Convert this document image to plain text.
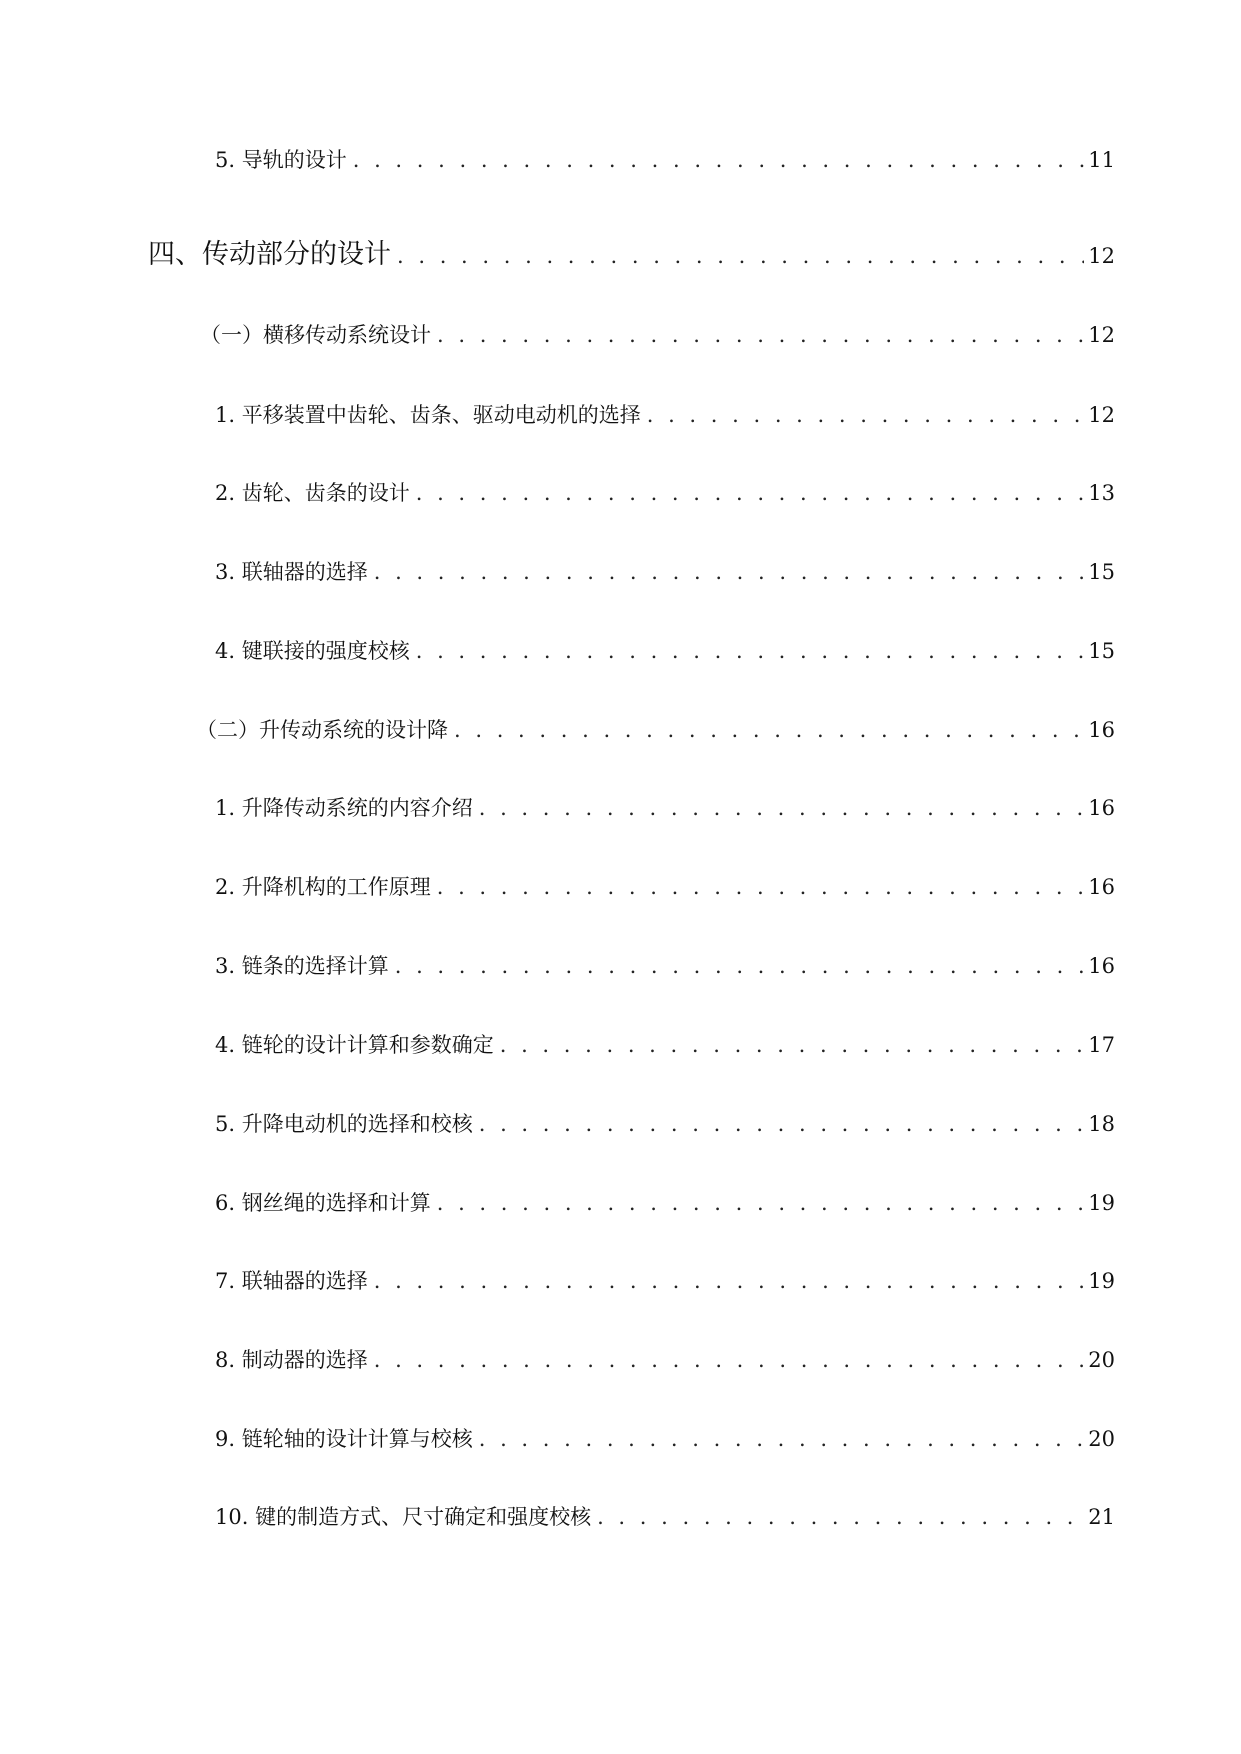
5. 导轨的设计 . . .	11
四、传动部分的设计 . . .	12
（一）横移传动系统设计 . . .	12
1. 平移装置中齿轮、齿条、驱动电动机的选择 . . .	12
2. 齿轮、齿条的设计 . . .	13
3. 联轴器的选择 . . .	15
4. 键联接的强度校核 . . .	15
（二）升传动系统的设计降 . . .	16
1. 升降传动系统的内容介绍 . . .	16
2. 升降机构的工作原理 . . .	16
3. 链条的选择计算 . . .	16
4. 链轮的设计计算和参数确定 . . .	17
5. 升降电动机的选择和校核 . . .	18
6. 钢丝绳的选择和计算 . . .	19
7. 联轴器的选择 . . .	19
8. 制动器的选择 . . .	20
9. 链轮轴的设计计算与校核 . . .	20
10. 键的制造方式、尺寸确定和强度校核 . . .	21
